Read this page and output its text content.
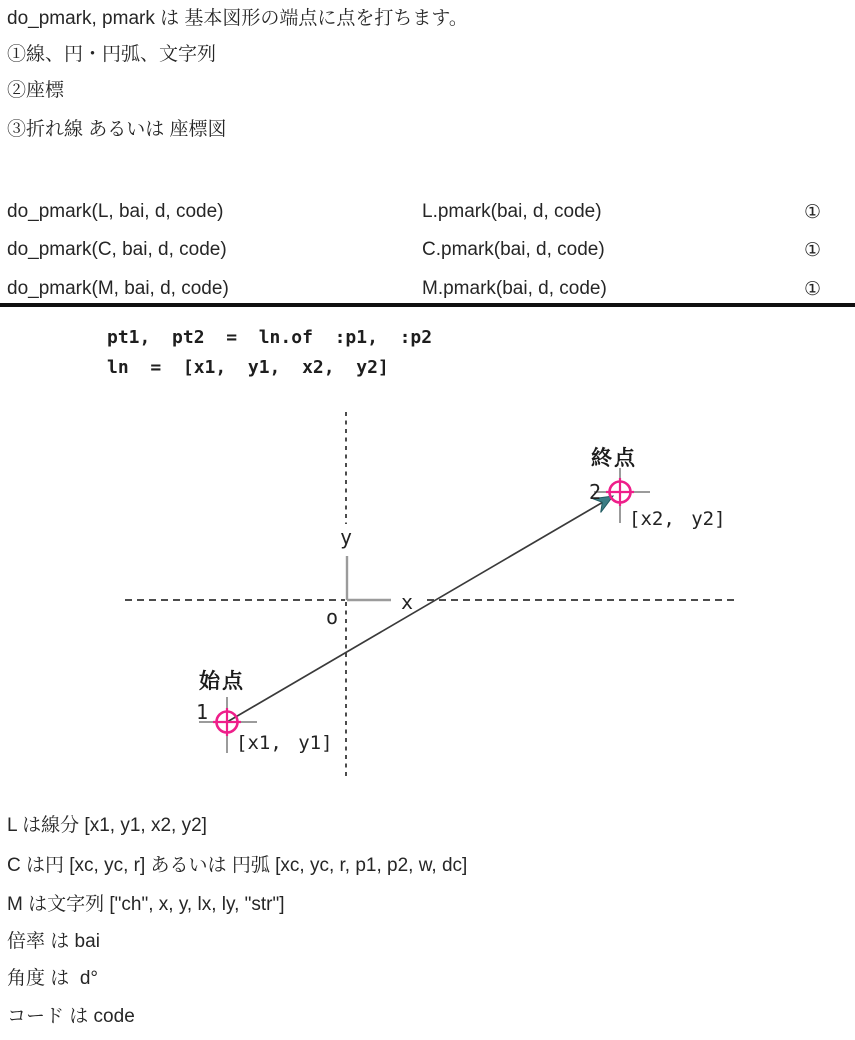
do_pmark, pmark は 基本図形の端点に点を打ちます。
①線、円・円弧、文字列
②座標
③折れ線 あるいは 座標図
do_pmark(L, bai, d, code)	L.pmark(bai, d, code)	①
do_pmark(C, bai, d, code)	C.pmark(bai, d, code)	①
do_pmark(M, bai, d, code)	M.pmark(bai, d, code)	①
pt1,  pt2  =  ln.of  :p1,  :p2
ln  =  [x1,  y1,  x2,  y2]
y
x
o
終点
2
[x2, y2]
始点
1
[x1, y1]
L は線分 [x1, y1, x2, y2]
C は円 [xc, yc, r] あるいは 円弧 [xc, yc, r, p1, p2, w, dc]
M は文字列 ["ch", x, y, lx, ly, "str"]
倍率 は bai
角度 は  d°
コード は code
